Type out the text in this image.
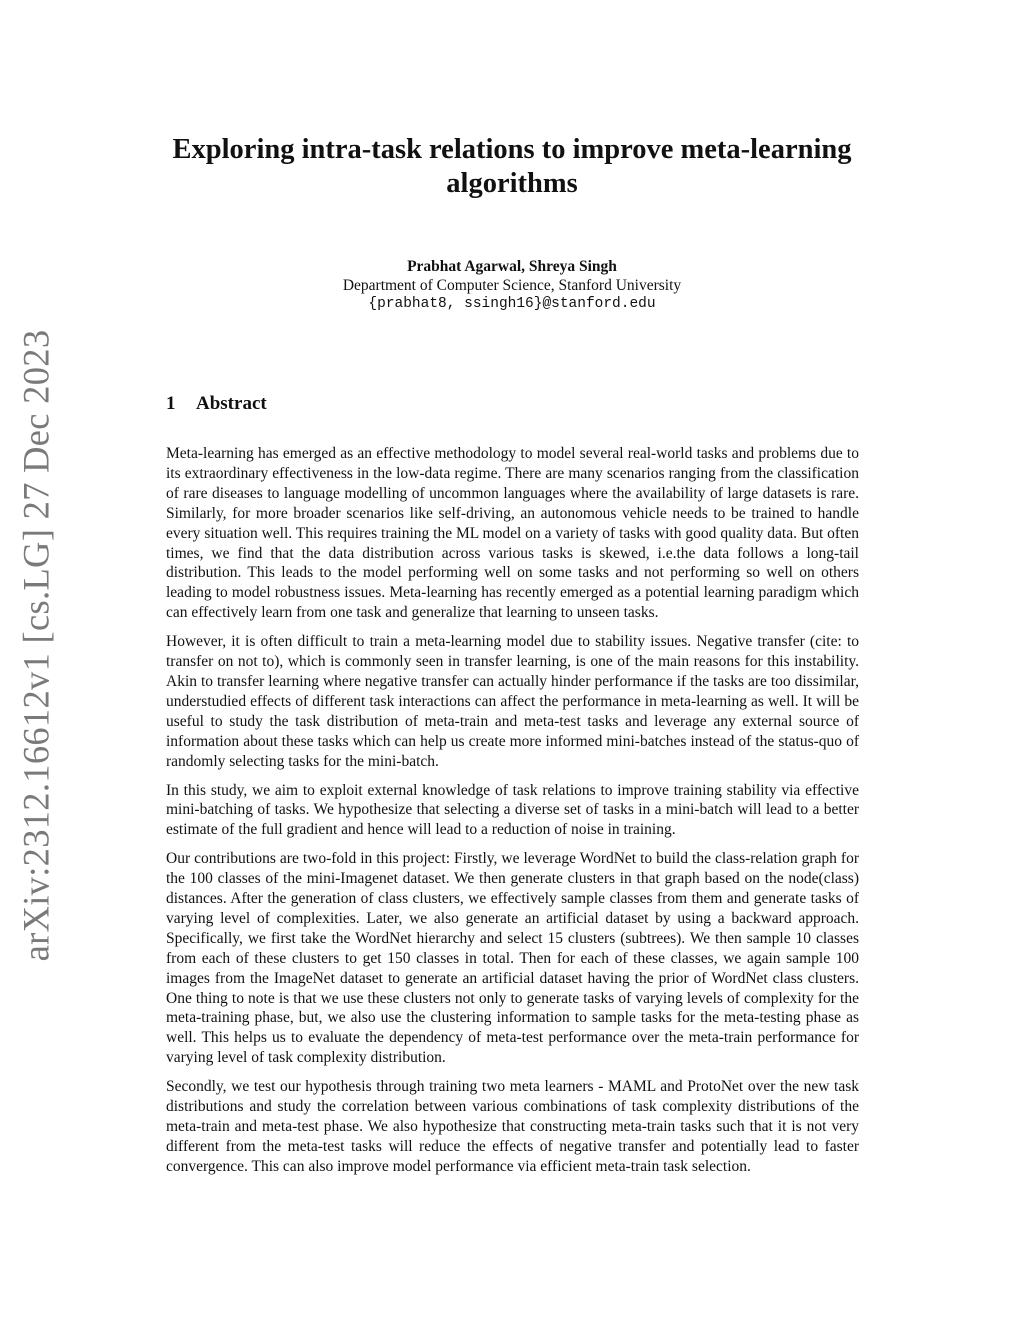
arXiv:2312.16612v1 [cs.LG] 27 Dec 2023
Exploring intra-task relations to improve meta-learning algorithms
Prabhat Agarwal, Shreya Singh
Department of Computer Science, Stanford University
{prabhat8, ssingh16}@stanford.edu
1 Abstract

Meta-learning has emerged as an effective methodology to model several real-world tasks and problems due to its extraordinary effectiveness in the low-data regime. There are many scenarios ranging from the classification of rare diseases to language modelling of uncommon languages where the availability of large datasets is rare. Similarly, for more broader scenarios like self-driving, an autonomous vehicle needs to be trained to handle every situation well. This requires training the ML model on a variety of tasks with good quality data. But often times, we find that the data distribution across various tasks is skewed, i.e.the data follows a long-tail distribution. This leads to the model performing well on some tasks and not performing so well on others leading to model robustness issues. Meta-learning has recently emerged as a potential learning paradigm which can effectively learn from one task and generalize that learning to unseen tasks.

However, it is often difficult to train a meta-learning model due to stability issues. Negative transfer (cite: to transfer on not to), which is commonly seen in transfer learning, is one of the main reasons for this instability. Akin to transfer learning where negative transfer can actually hinder performance if the tasks are too dissimilar, understudied effects of different task interactions can affect the performance in meta-learning as well. It will be useful to study the task distribution of meta-train and meta-test tasks and leverage any external source of information about these tasks which can help us create more informed mini-batches instead of the status-quo of randomly selecting tasks for the mini-batch.

In this study, we aim to exploit external knowledge of task relations to improve training stability via effective mini-batching of tasks. We hypothesize that selecting a diverse set of tasks in a mini-batch will lead to a better estimate of the full gradient and hence will lead to a reduction of noise in training.

Our contributions are two-fold in this project: Firstly, we leverage WordNet to build the class-relation graph for the 100 classes of the mini-Imagenet dataset. We then generate clusters in that graph based on the node(class) distances. After the generation of class clusters, we effectively sample classes from them and generate tasks of varying level of complexities. Later, we also generate an artificial dataset by using a backward approach. Specifically, we first take the WordNet hierarchy and select 15 clusters (subtrees). We then sample 10 classes from each of these clusters to get 150 classes in total. Then for each of these classes, we again sample 100 images from the ImageNet dataset to generate an artificial dataset having the prior of WordNet class clusters. One thing to note is that we use these clusters not only to generate tasks of varying levels of complexity for the meta-training phase, but, we also use the clustering information to sample tasks for the meta-testing phase as well. This helps us to evaluate the dependency of meta-test performance over the meta-train performance for varying level of task complexity distribution.

Secondly, we test our hypothesis through training two meta learners - MAML and ProtoNet over the new task distributions and study the correlation between various combinations of task complexity distributions of the meta-train and meta-test phase. We also hypothesize that constructing meta-train tasks such that it is not very different from the meta-test tasks will reduce the effects of negative transfer and potentially lead to faster convergence. This can also improve model performance via efficient meta-train task selection.
